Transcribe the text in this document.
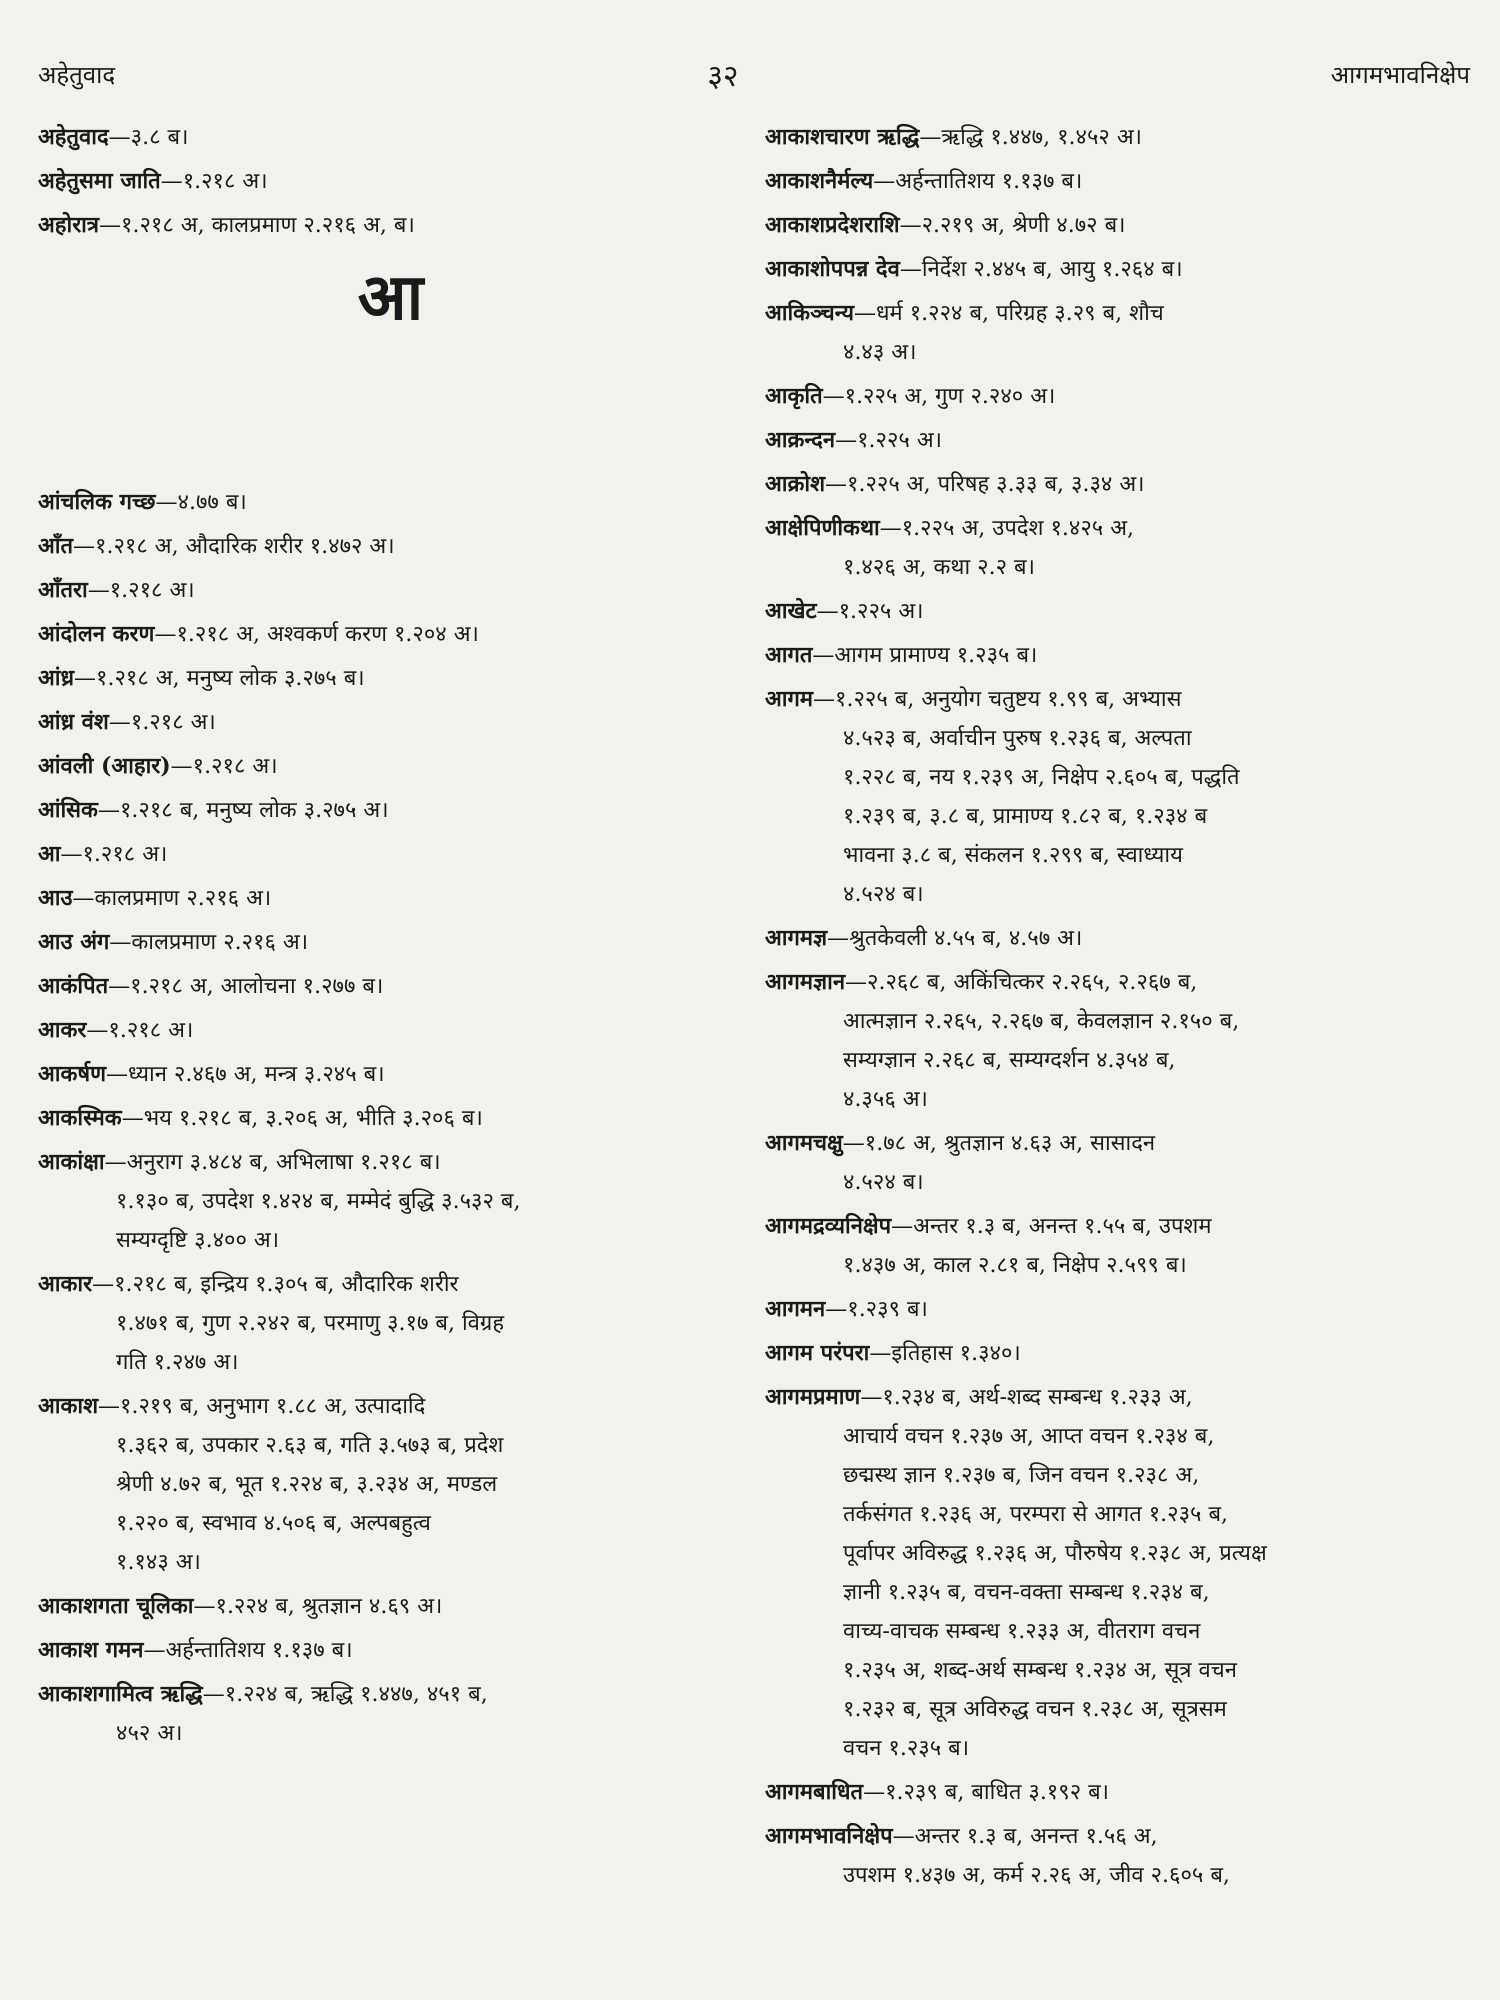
अहेतुवाद	३२	आगमभावनिक्षेप
अहेतुवाद—३.८ ब।
अहेतुसमा जाति—१.२१८ अ।
अहोरात्र—१.२१८ अ, कालप्रमाण २.२१६ अ, ब।
आ
आंचलिक गच्छ—४.७७ ब।
आँत—१.२१८ अ, औदारिक शरीर १.४७२ अ।
आँतरा—१.२१८ अ।
आंदोलन करण—१.२१८ अ, अश्वकर्ण करण १.२०४ अ।
आंध्र—१.२१८ अ, मनुष्य लोक ३.२७५ ब।
आंध्र वंश—१.२१८ अ।
आंवली (आहार)—१.२१८ अ।
आंसिक—१.२१८ ब, मनुष्य लोक ३.२७५ अ।
आ—१.२१८ अ।
आउ—कालप्रमाण २.२१६ अ।
आउ अंग—कालप्रमाण २.२१६ अ।
आकंपित—१.२१८ अ, आलोचना १.२७७ ब।
आकर—१.२१८ अ।
आकर्षण—ध्यान २.४६७ अ, मन्त्र ३.२४५ ब।
आकस्मिक—भय १.२१८ ब, ३.२०६ अ, भीति ३.२०६ ब।
आकांक्षा—अनुराग ३.४८४ ब, अभिलाषा १.२१८ ब।
१.१३० ब, उपदेश १.४२४ ब, मम्मेदं बुद्धि ३.५३२ ब,
सम्यग्दृष्टि ३.४०० अ।
आकार—१.२१८ ब, इन्द्रिय १.३०५ ब, औदारिक शरीर
१.४७१ ब, गुण २.२४२ ब, परमाणु ३.१७ ब, विग्रह
गति १.२४७ अ।
आकाश—१.२१९ ब, अनुभाग १.८८ अ, उत्पादादि
१.३६२ ब, उपकार २.६३ ब, गति ३.५७३ ब, प्रदेश
श्रेणी ४.७२ ब, भूत १.२२४ ब, ३.२३४ अ, मण्डल
१.२२० ब, स्वभाव ४.५०६ ब, अल्पबहुत्व
१.१४३ अ।
आकाशगता चूलिका—१.२२४ ब, श्रुतज्ञान ४.६९ अ।
आकाश गमन—अर्हन्तातिशय १.१३७ ब।
आकाशगामित्व ऋद्धि—१.२२४ ब, ऋद्धि १.४४७, ४५१ ब,
४५२ अ।
आकाशचारण ऋद्धि—ऋद्धि १.४४७, १.४५२ अ।
आकाशनैर्मल्य—अर्हन्तातिशय १.१३७ ब।
आकाशप्रदेशराशि—२.२१९ अ, श्रेणी ४.७२ ब।
आकाशोपपन्न देव—निर्देश २.४४५ ब, आयु १.२६४ ब।
आकिञ्चन्य—धर्म १.२२४ ब, परिग्रह ३.२९ ब, शौच
४.४३ अ।
आकृति—१.२२५ अ, गुण २.२४० अ।
आक्रन्दन—१.२२५ अ।
आक्रोश—१.२२५ अ, परिषह ३.३३ ब, ३.३४ अ।
आक्षेपिणीकथा—१.२२५ अ, उपदेश १.४२५ अ,
१.४२६ अ, कथा २.२ ब।
आखेट—१.२२५ अ।
आगत—आगम प्रामाण्य १.२३५ ब।
आगम—१.२२५ ब, अनुयोग चतुष्टय १.९९ ब, अभ्यास
४.५२३ ब, अर्वाचीन पुरुष १.२३६ ब, अल्पता
१.२२८ ब, नय १.२३९ अ, निक्षेप २.६०५ ब, पद्धति
१.२३९ ब, ३.८ ब, प्रामाण्य १.८२ ब, १.२३४ ब
भावना ३.८ ब, संकलन १.२९९ ब, स्वाध्याय
४.५२४ ब।
आगमज्ञ—श्रुतकेवली ४.५५ ब, ४.५७ अ।
आगमज्ञान—२.२६८ ब, अकिंचित्कर २.२६५, २.२६७ ब,
आत्मज्ञान २.२६५, २.२६७ ब, केवलज्ञान २.१५० ब,
सम्यग्ज्ञान २.२६८ ब, सम्यग्दर्शन ४.३५४ ब,
४.३५६ अ।
आगमचक्षु—१.७८ अ, श्रुतज्ञान ४.६३ अ, सासादन
४.५२४ ब।
आगमद्रव्यनिक्षेप—अन्तर १.३ ब, अनन्त १.५५ ब, उपशम
१.४३७ अ, काल २.८१ ब, निक्षेप २.५९९ ब।
आगमन—१.२३९ ब।
आगम परंपरा—इतिहास १.३४०।
आगमप्रमाण—१.२३४ ब, अर्थ-शब्द सम्बन्ध १.२३३ अ,
आचार्य वचन १.२३७ अ, आप्त वचन १.२३४ ब,
छद्मस्थ ज्ञान १.२३७ ब, जिन वचन १.२३८ अ,
तर्कसंगत १.२३६ अ, परम्परा से आगत १.२३५ ब,
पूर्वापर अविरुद्ध १.२३६ अ, पौरुषेय १.२३८ अ, प्रत्यक्ष
ज्ञानी १.२३५ ब, वचन-वक्ता सम्बन्ध १.२३४ ब,
वाच्य-वाचक सम्बन्ध १.२३३ अ, वीतराग वचन
१.२३५ अ, शब्द-अर्थ सम्बन्ध १.२३४ अ, सूत्र वचन
१.२३२ ब, सूत्र अविरुद्ध वचन १.२३८ अ, सूत्रसम
वचन १.२३५ ब।
आगमबाधित—१.२३९ ब, बाधित ३.१९२ ब।
आगमभावनिक्षेप—अन्तर १.३ ब, अनन्त १.५६ अ,
उपशम १.४३७ अ, कर्म २.२६ अ, जीव २.६०५ ब,
